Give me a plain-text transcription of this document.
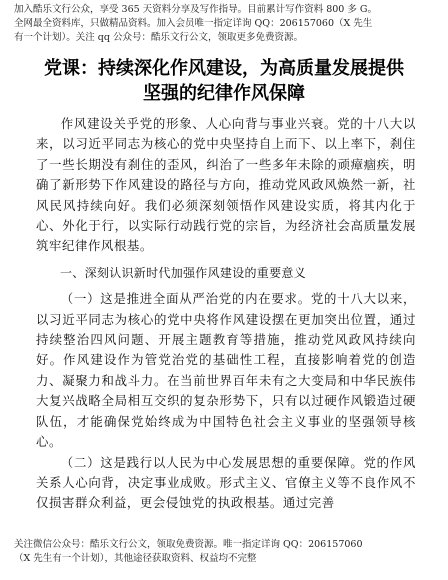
加入酷乐文行公众，享受 365 天资料分享及写作指导。目前累计写作资料 800 多 G。
全网最全资料库，只做精品资料。加入会员唯一指定详询 QQ：206157060（X 先生
有一个计划）。关注 qq 公众号：酷乐文行公文，领取更多免费资源。
党课：持续深化作风建设，为高质量发展提供
坚强的纪律作风保障

作风建设关乎党的形象、人心向背与事业兴衰。党的十八大以来，以习近平同志为核心的党中央坚持自上而下、以上率下，刹住了一些长期没有刹住的歪风，纠治了一些多年未除的顽瘴痼疾，明确了新形势下作风建设的路径与方向，推动党风政风焕然一新，社风民风持续向好。我们必须深刻领悟作风建设实质，将其内化于心、外化于行，以实际行动践行党的宗旨，为经济社会高质量发展筑牢纪律作风根基。

一、深刻认识新时代加强作风建设的重要意义

（一）这是推进全面从严治党的内在要求。党的十八大以来，以习近平同志为核心的党中央将作风建设摆在更加突出位置，通过持续整治四风问题、开展主题教育等措施，推动党风政风持续向好。作风建设作为管党治党的基础性工程，直接影响着党的创造力、凝聚力和战斗力。在当前世界百年未有之大变局和中华民族伟大复兴战略全局相互交织的复杂形势下，只有以过硬作风锻造过硬队伍，才能确保党始终成为中国特色社会主义事业的坚强领导核心。

（二）这是践行以人民为中心发展思想的重要保障。党的作风关系人心向背，决定事业成败。形式主义、官僚主义等不良作风不仅损害群众利益，更会侵蚀党的执政根基。通过完善

关注微信公众号：酷乐文行公文，领取免费资源。唯一指定详询 QQ：206157060
（X 先生有一个计划），其他途径获取资料、权益均不完整
